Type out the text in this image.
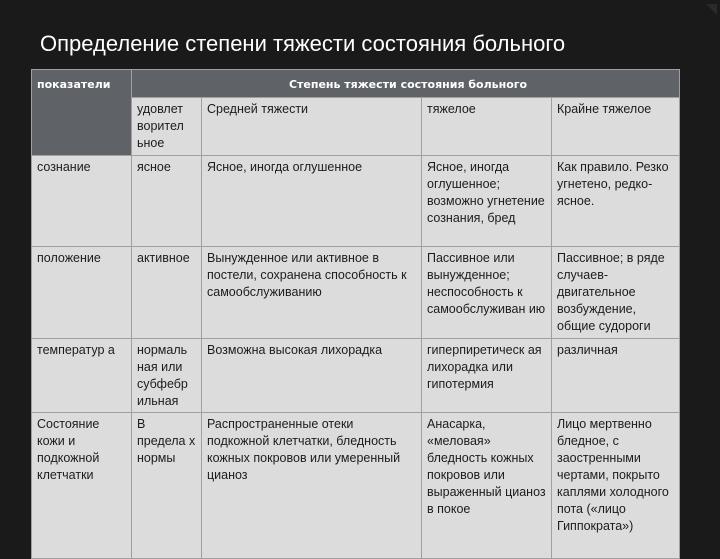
Определение степени тяжести состояния больного
показатели	Степень тяжести состояния больного			
	удовлет ворител ьное	Средней тяжести	тяжелое	Крайне тяжелое
сознание	ясное	Ясное, иногда оглушенное	Ясное, иногда оглушенное; возможно угнетение сознания, бред	Как правило. Резко угнетено, редко-ясное.
положение	активное	Вынужденное или активное в постели, сохранена способность к самообслуживанию	Пассивное или вынужденное; неспособность к самообслуживан ию	Пассивное; в ряде случаев- двигательное возбуждение, общие судороги
температур а	нормаль ная или субфебр ильная	Возможна высокая лихорадка	гиперпиретическ ая лихорадка или гипотермия	различная
Состояние кожи и подкожной клетчатки	В предела х нормы	Распространенные отеки подкожной клетчатки, бледность кожных покровов или умеренный цианоз	Анасарка, «меловая» бледность кожных покровов или выраженный цианоз в покое	Лицо мертвенно бледное, с заостренными чертами, покрыто каплями холодного пота («лицо Гиппократа»)
